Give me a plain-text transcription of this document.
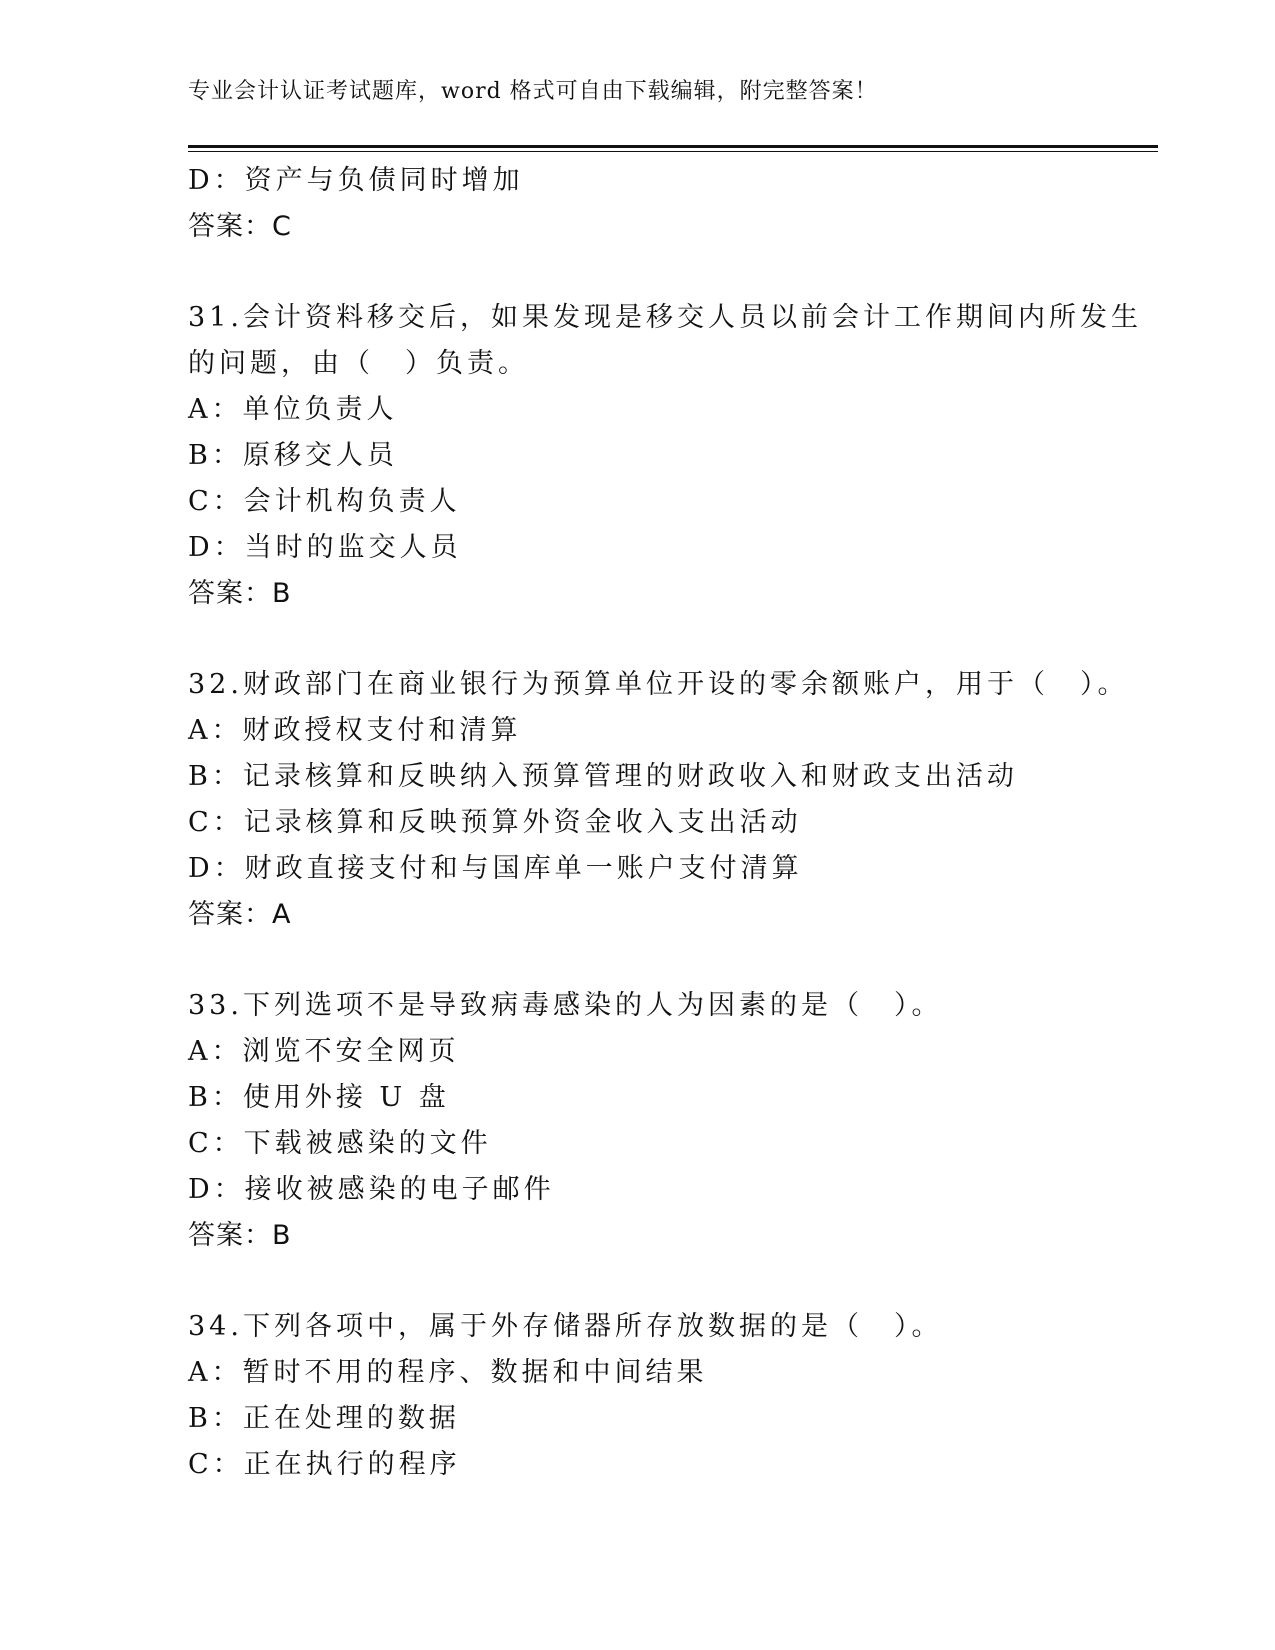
专业会计认证考试题库，word 格式可自由下载编辑，附完整答案！
D：资产与负债同时增加
答案：C
31.会计资料移交后，如果发现是移交人员以前会计工作期间内所发生
的问题，由（　）负责。
A：单位负责人
B：原移交人员
C：会计机构负责人
D：当时的监交人员
答案：B
32.财政部门在商业银行为预算单位开设的零余额账户，用于（　）。
A：财政授权支付和清算
B：记录核算和反映纳入预算管理的财政收入和财政支出活动
C：记录核算和反映预算外资金收入支出活动
D：财政直接支付和与国库单一账户支付清算
答案：A
33.下列选项不是导致病毒感染的人为因素的是（　）。
A：浏览不安全网页
B：使用外接 U 盘
C：下载被感染的文件
D：接收被感染的电子邮件
答案：B
34.下列各项中，属于外存储器所存放数据的是（　）。
A：暂时不用的程序、数据和中间结果
B：正在处理的数据
C：正在执行的程序
